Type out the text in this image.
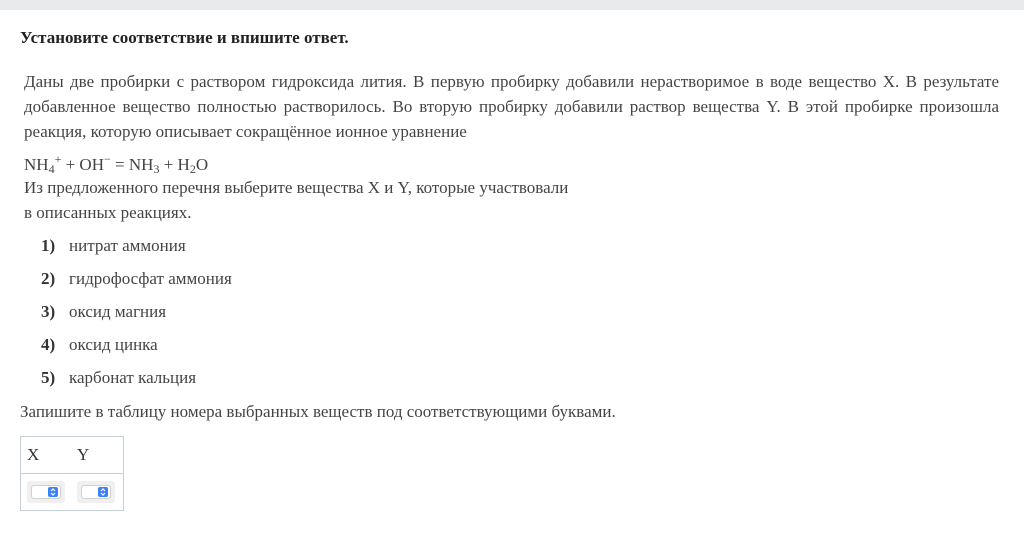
Установите соответствие и впишите ответ.
Даны две пробирки с раствором гидроксида лития. В первую пробирку добавили нерастворимое в воде вещество X. В результате добавленное вещество полностью растворилось. Во вторую пробирку добавили раствор вещества Y. В этой пробирке произошла реакция, которую описывает сокращённое ионное уравнение
$NH_4^+ + OH^- = NH_3 + H_2O$
Из предложенного перечня выберите вещества X и Y, которые участвовали
в описанных реакциях.
1) нитрат аммония
2) гидрофосфат аммония
3) оксид магния
4) оксид цинка
5) карбонат кальция
Запишите в таблицу номера выбранных веществ под соответствующими буквами.
X Y
